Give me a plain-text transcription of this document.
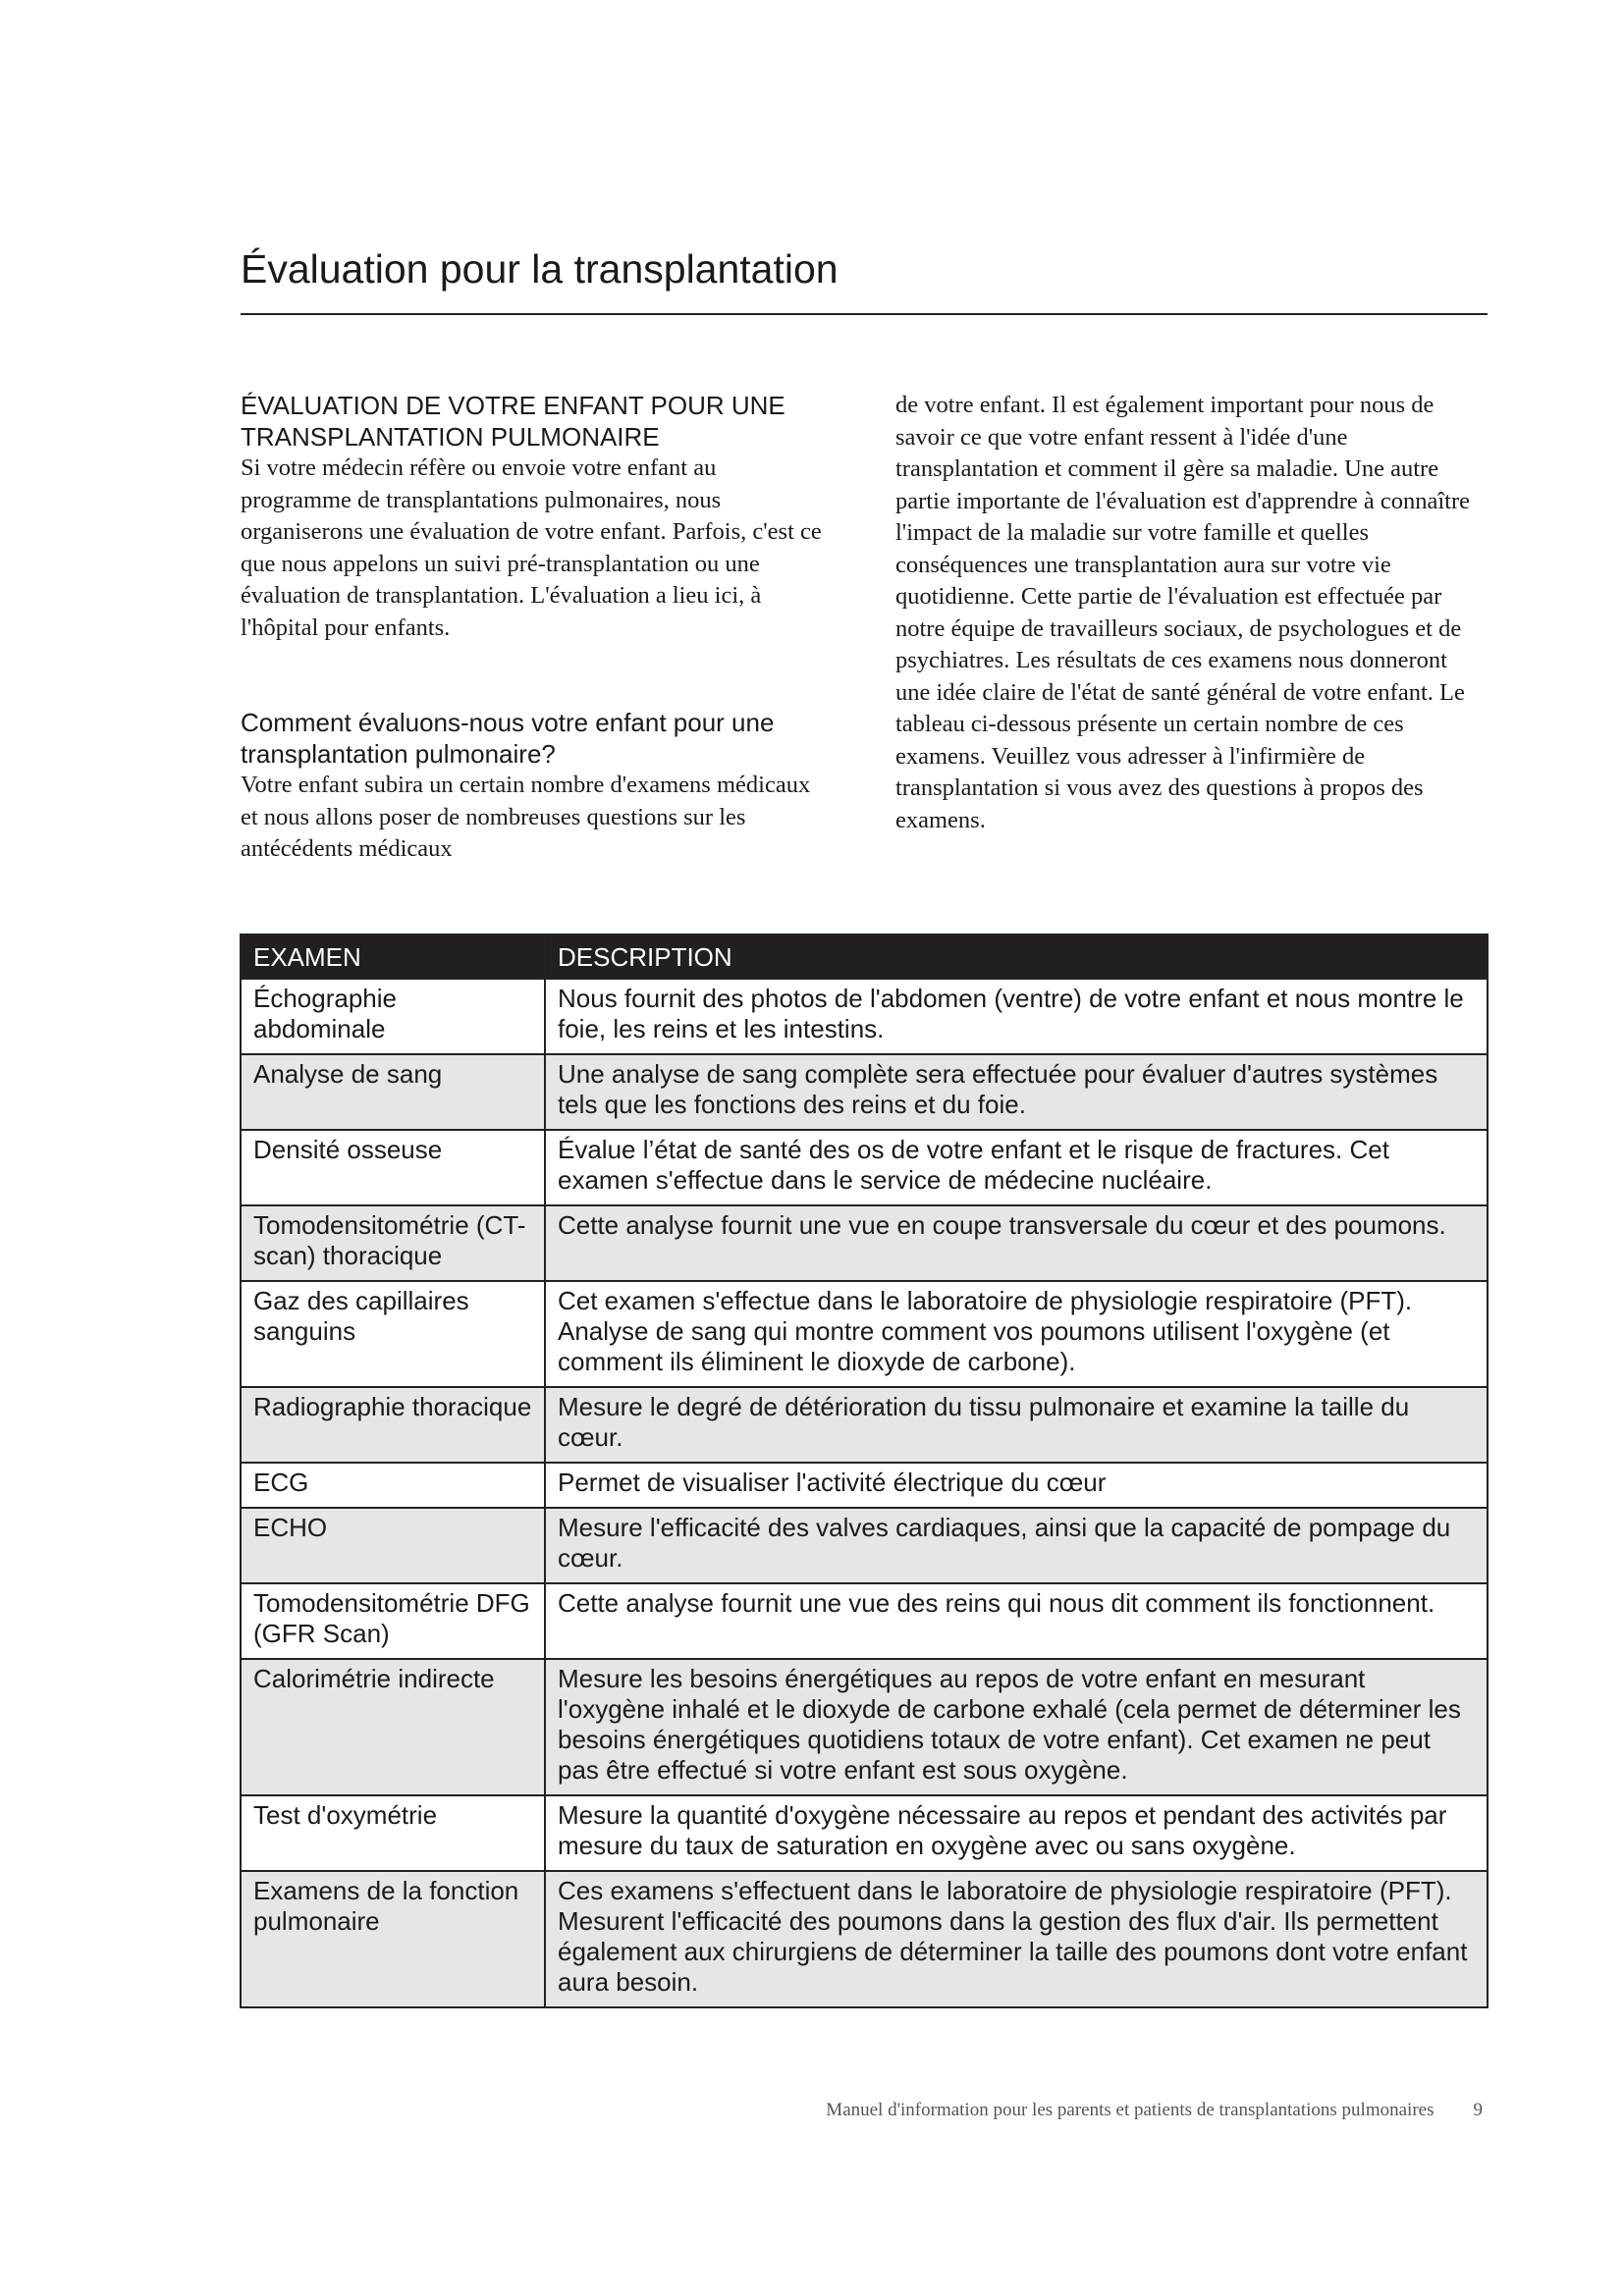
Évaluation pour la transplantation
ÉVALUATION DE VOTRE ENFANT POUR UNE TRANSPLANTATION PULMONAIRE

Si votre médecin réfère ou envoie votre enfant au programme de transplantations pulmonaires, nous organiserons une évaluation de votre enfant. Parfois, c'est ce que nous appelons un suivi pré-transplantation ou une évaluation de transplantation. L'évaluation a lieu ici, à l'hôpital pour enfants.

Comment évaluons-nous votre enfant pour une transplantation pulmonaire?

Votre enfant subira un certain nombre d'examens médicaux et nous allons poser de nombreuses questions sur les antécédents médicaux

de votre enfant. Il est également important pour nous de savoir ce que votre enfant ressent à l'idée d'une transplantation et comment il gère sa maladie. Une autre partie importante de l'évaluation est d'apprendre à connaître l'impact de la maladie sur votre famille et quelles conséquences une transplantation aura sur votre vie quotidienne. Cette partie de l'évaluation est effectuée par notre équipe de travailleurs sociaux, de psychologues et de psychiatres. Les résultats de ces examens nous donneront une idée claire de l'état de santé général de votre enfant. Le tableau ci-dessous présente un certain nombre de ces examens. Veuillez vous adresser à l'infirmière de transplantation si vous avez des questions à propos des examens.

EXAMEN	DESCRIPTION
Échographie abdominale	Nous fournit des photos de l'abdomen (ventre) de votre enfant et nous montre le foie, les reins et les intestins.
Analyse de sang	Une analyse de sang complète sera effectuée pour évaluer d'autres systèmes tels que les fonctions des reins et du foie.
Densité osseuse	Évalue l’état de santé des os de votre enfant et le risque de fractures. Cet examen s'effectue dans le service de médecine nucléaire.
Tomodensitométrie (CT-scan) thoracique	Cette analyse fournit une vue en coupe transversale du cœur et des poumons.
Gaz des capillaires sanguins	Cet examen s'effectue dans le laboratoire de physiologie respiratoire (PFT). Analyse de sang qui montre comment vos poumons utilisent l'oxygène (et comment ils éliminent le dioxyde de carbone).
Radiographie thoracique	Mesure le degré de détérioration du tissu pulmonaire et examine la taille du cœur.
ECG	Permet de visualiser l'activité électrique du cœur
ECHO	Mesure l'efficacité des valves cardiaques, ainsi que la capacité de pompage du cœur.
Tomodensitométrie DFG (GFR Scan)	Cette analyse fournit une vue des reins qui nous dit comment ils fonctionnent.
Calorimétrie indirecte	Mesure les besoins énergétiques au repos de votre enfant en mesurant l'oxygène inhalé et le dioxyde de carbone exhalé (cela permet de déterminer les besoins énergétiques quotidiens totaux de votre enfant). Cet examen ne peut pas être effectué si votre enfant est sous oxygène.
Test d'oxymétrie	Mesure la quantité d'oxygène nécessaire au repos et pendant des activités par mesure du taux de saturation en oxygène avec ou sans oxygène.
Examens de la fonction pulmonaire	Ces examens s'effectuent dans le laboratoire de physiologie respiratoire (PFT). Mesurent l'efficacité des poumons dans la gestion des flux d'air. Ils permettent également aux chirurgiens de déterminer la taille des poumons dont votre enfant aura besoin.
Manuel d'information pour les parents et patients de transplantations pulmonaires 9
